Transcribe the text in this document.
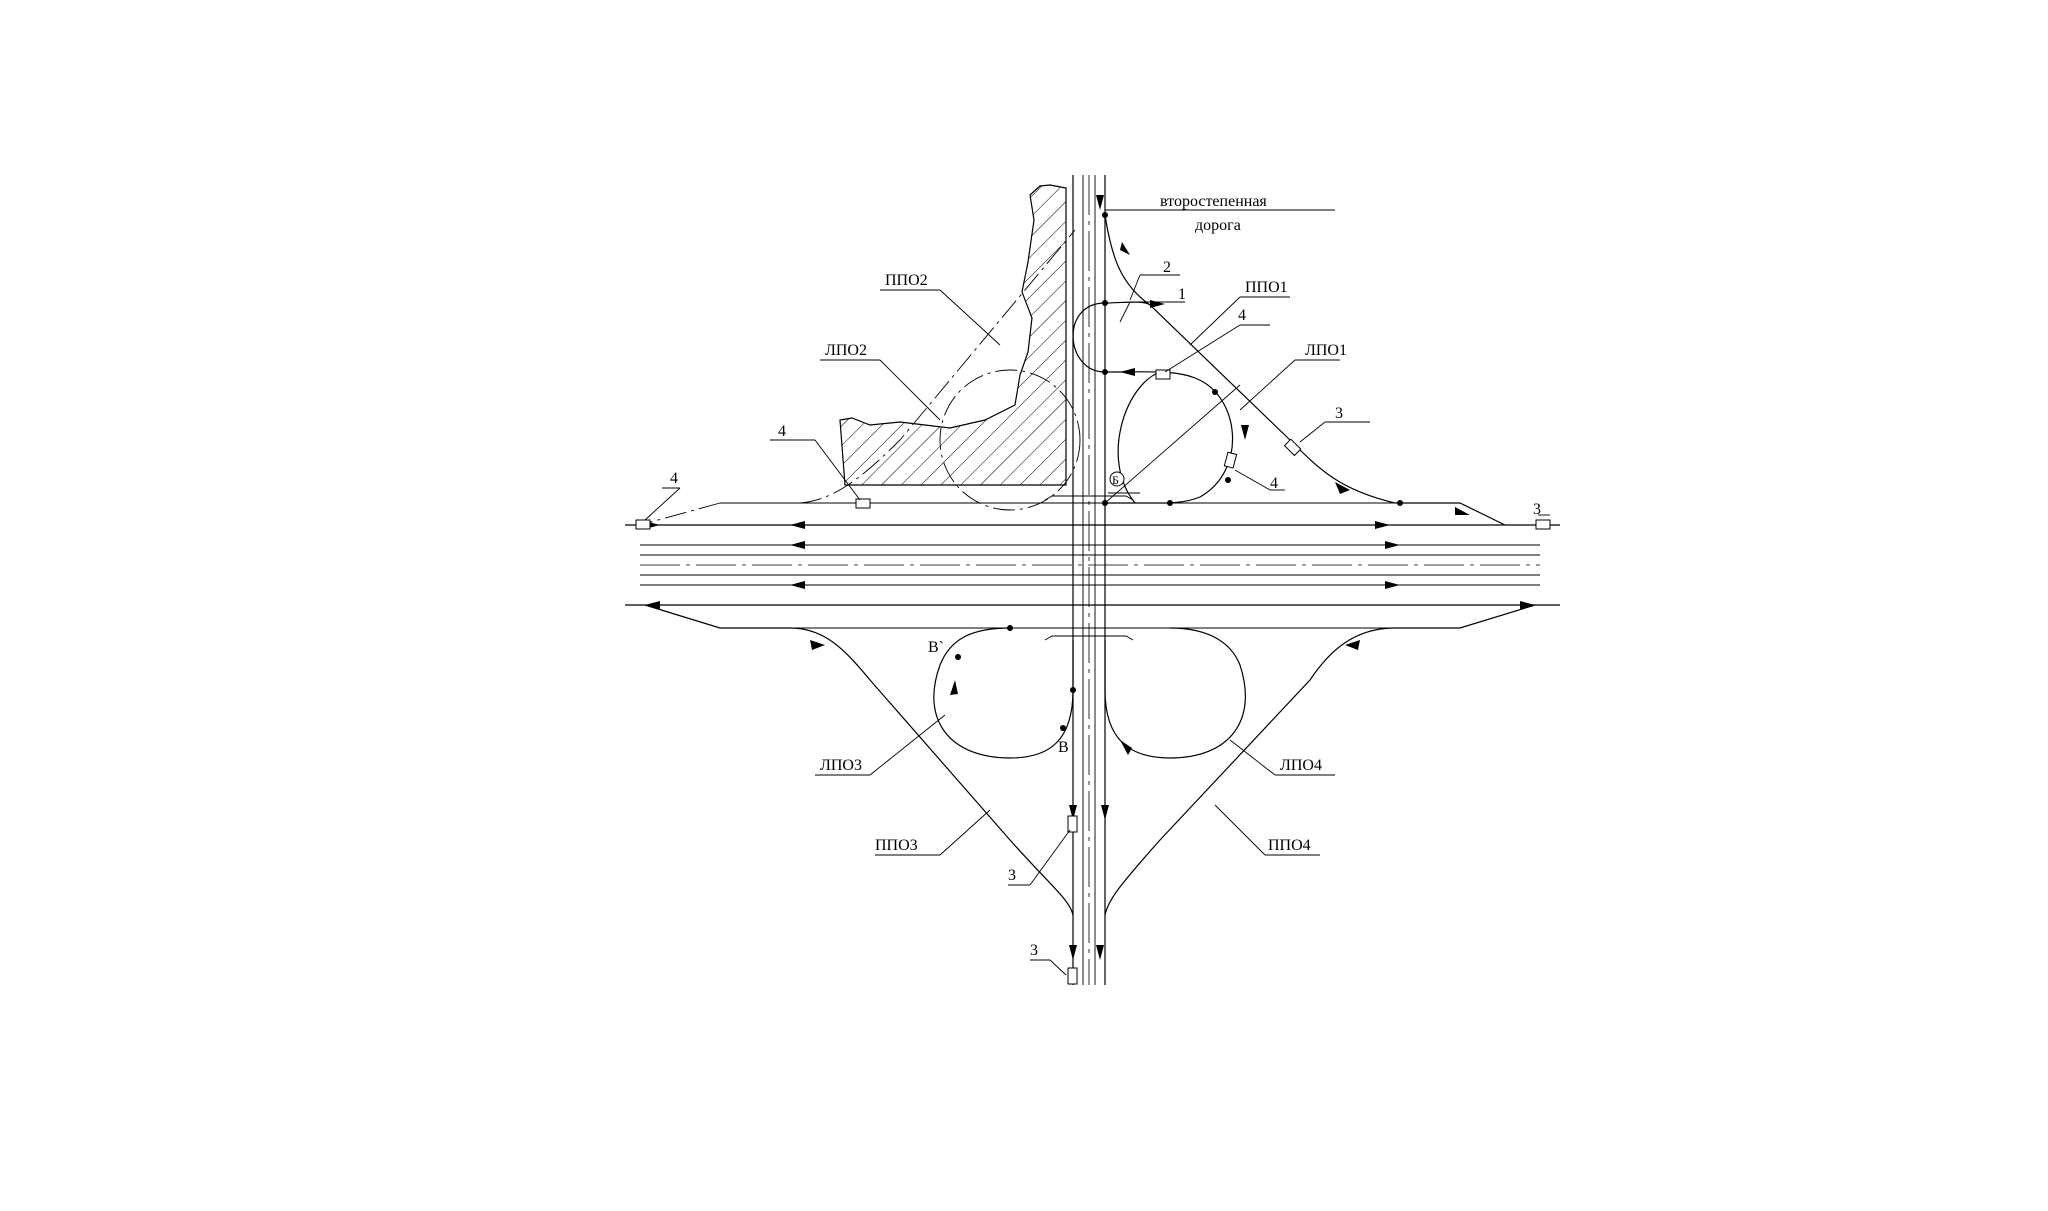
второстепенная
дорога
ППО2
ЛПО2
2
1	ППО1
4
ЛПО1
3
4
4
4
3
Б
В`
В
ЛПО3
ППО3
ЛПО4
ППО4
3
3
